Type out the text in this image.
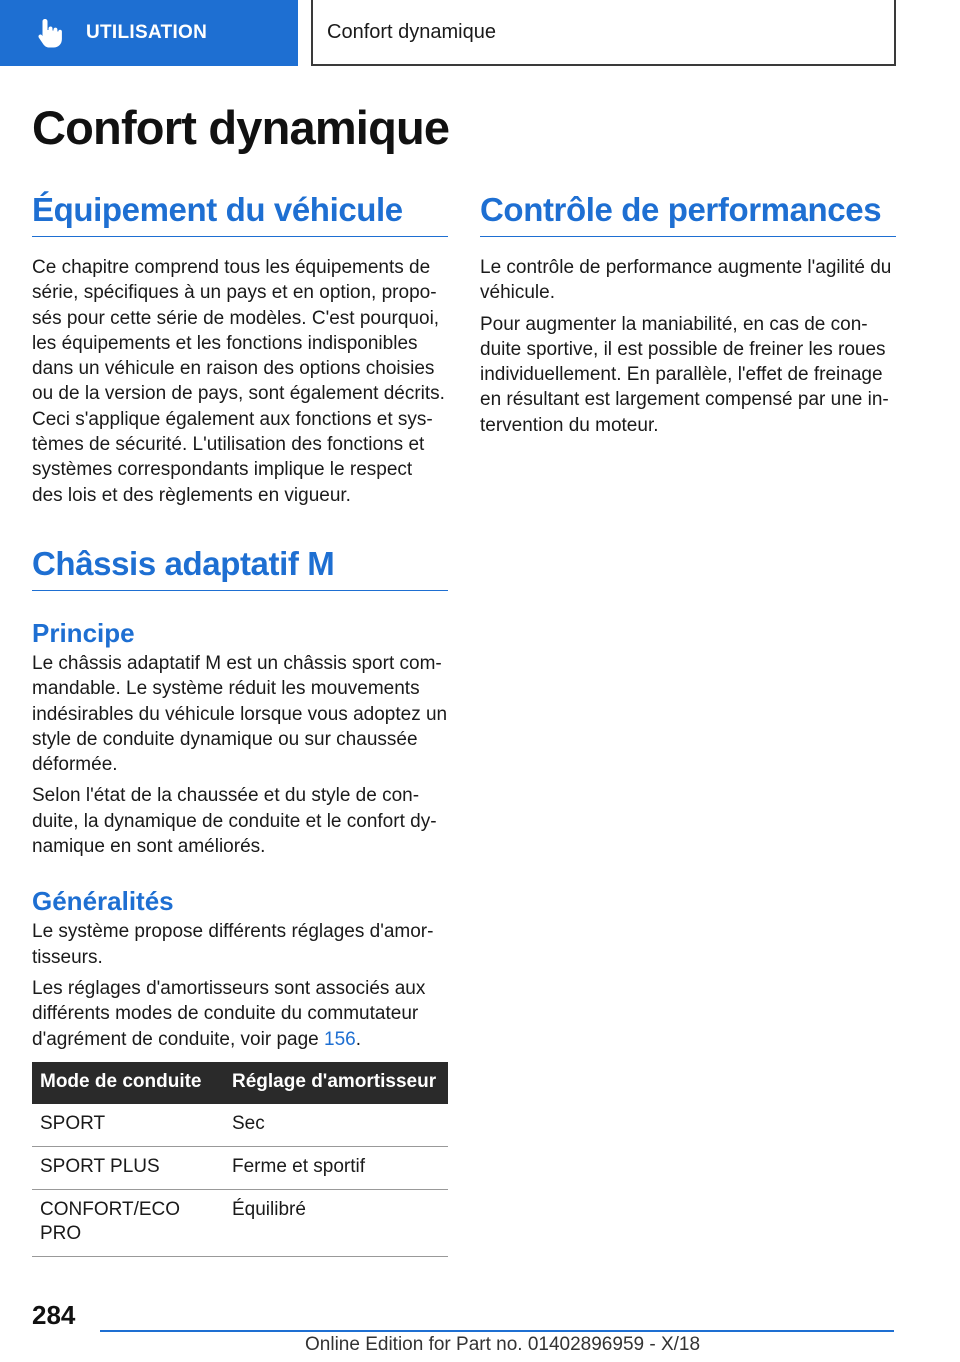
UTILISATION	Confort dynamique
Confort dynamique
Équipement du véhicule

Ce chapitre comprend tous les équipements de série, spécifiques à un pays et en option, proposés pour cette série de modèles. C'est pourquoi, les équipements et les fonctions indisponibles dans un véhicule en raison des options choisies ou de la version de pays, sont également décrits. Ceci s'applique également aux fonctions et systèmes de sécurité. L'utilisation des fonctions et systèmes correspondants implique le respect des lois et des règlements en vigueur.

Châssis adaptatif M
Principe

Le châssis adaptatif M est un châssis sport commandable. Le système réduit les mouvements indésirables du véhicule lorsque vous adoptez un style de conduite dynamique ou sur chaussée déformée.

Selon l'état de la chaussée et du style de conduite, la dynamique de conduite et le confort dynamique en sont améliorés.

Généralités

Le système propose différents réglages d'amortisseurs.

Les réglages d'amortisseurs sont associés aux différents modes de conduite du commutateur d'agrément de conduite, voir page 156.

Mode de conduite	Réglage d'amortisseur
SPORT	Sec
SPORT PLUS	Ferme et sportif
CONFORT/ECO PRO	Équilibré
Contrôle de performances

Le contrôle de performance augmente l'agilité du véhicule.

Pour augmenter la maniabilité, en cas de conduite sportive, il est possible de freiner les roues individuellement. En parallèle, l'effet de freinage en résultant est largement compensé par une intervention du moteur.

284
Online Edition for Part no. 01402896959 - X/18
